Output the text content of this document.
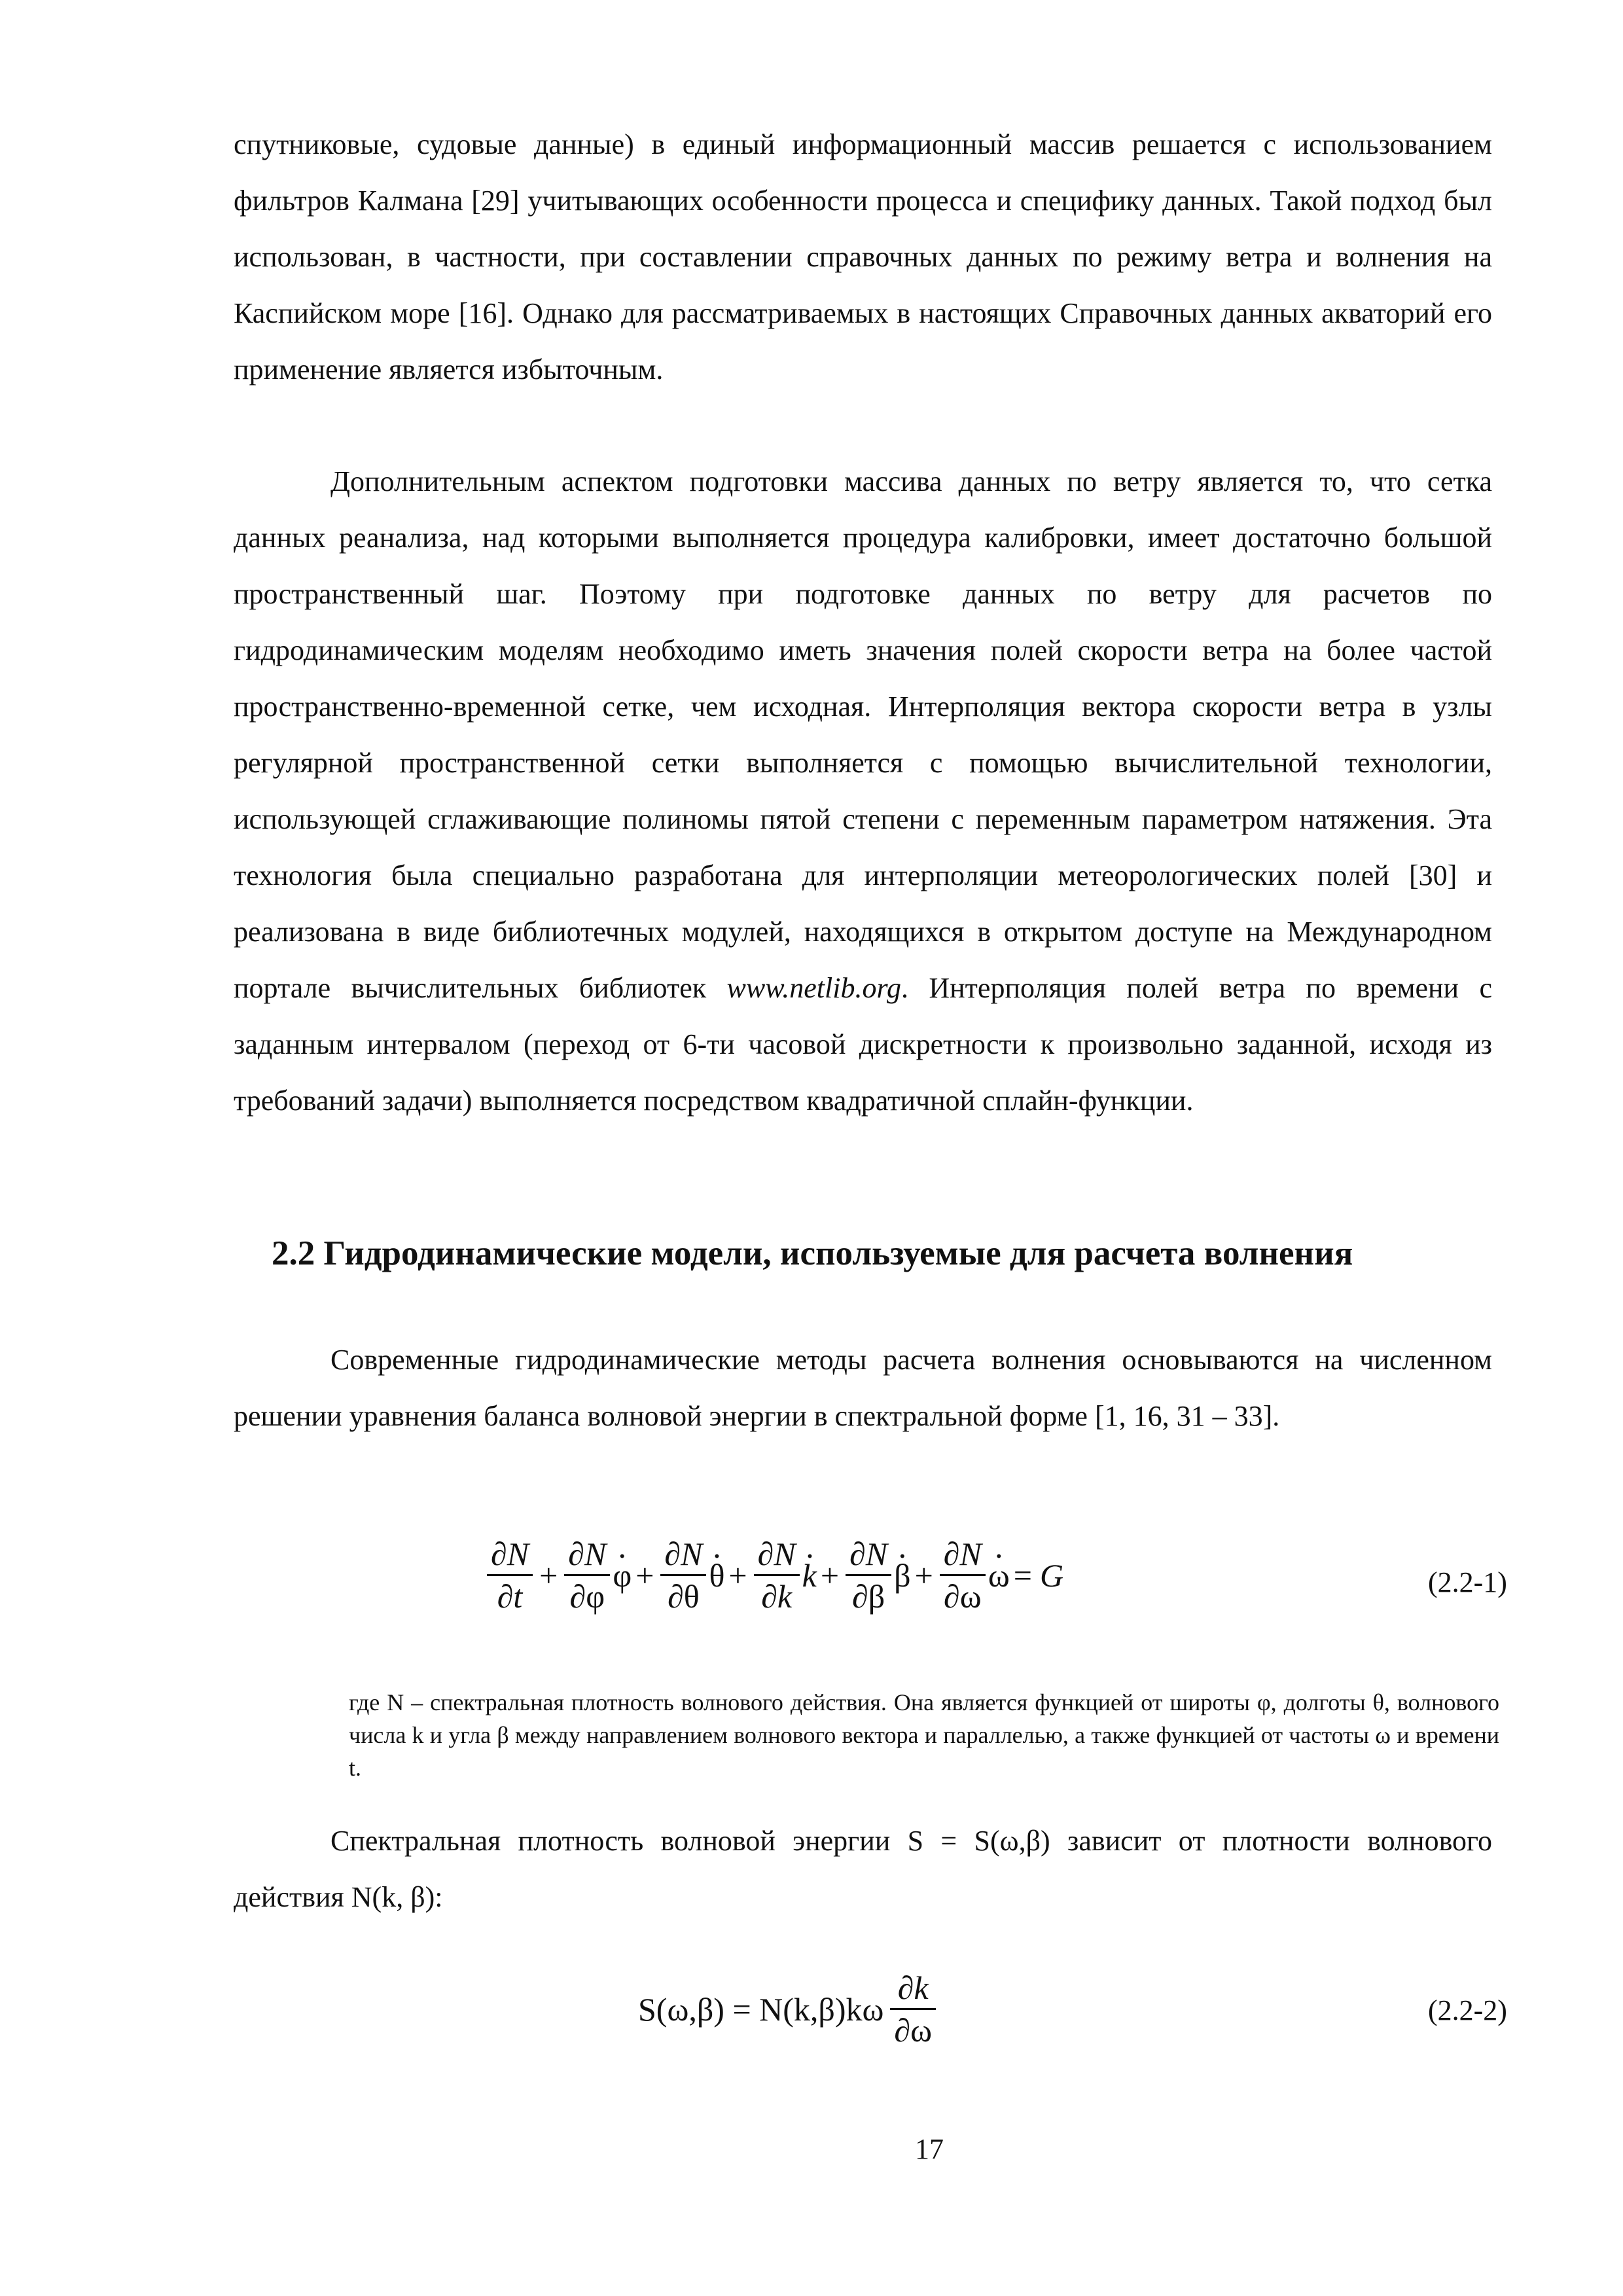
спутниковые, судовые данные) в единый информационный массив решается с использованием фильтров Калмана [29] учитывающих особенности процесса и специфику данных. Такой подход был использован, в частности, при составлении справочных данных по режиму ветра и волнения на Каспийском море [16]. Однако для рассматриваемых в настоящих Справочных данных акваторий его применение является избыточным.
Дополнительным аспектом подготовки массива данных по ветру является то, что сетка данных реанализа, над которыми выполняется процедура калибровки, имеет достаточно большой пространственный шаг. Поэтому при подготовке данных по ветру для расчетов по гидродинамическим моделям необходимо иметь значения полей скорости ветра на более частой пространственно-временной сетке, чем исходная. Интерполяция вектора скорости ветра в узлы регулярной пространственной сетки выполняется с помощью вычислительной технологии, использующей сглаживающие полиномы пятой степени с переменным параметром натяжения. Эта технология была специально разработана для интерполяции метеорологических полей [30] и реализована в виде библиотечных модулей, находящихся в открытом доступе на Международном портале вычислительных библиотек www.netlib.org. Интерполяция полей ветра по времени с заданным интервалом (переход от 6-ти часовой дискретности к произвольно заданной, исходя из требований задачи) выполняется посредством квадратичной сплайн-функции.
2.2 Гидродинамические модели, используемые для расчета волнения
Современные гидродинамические методы расчета волнения основываются на численном решении уравнения баланса волновой энергии в спектральной форме [1, 16, 31 – 33].
$\frac{\partial N}{\partial t} + \frac{\partial N}{\partial\varphi}$
· $\varphi + \frac{\partial N}{\partial\theta}$
· $\theta + \frac{\partial N}{\partial k}$
· $k + \frac{\partial N}{\partial\beta}$
· $\beta + \frac{\partial N}{\partial\omega}$
· ω = G	(2.2-1)
где N – спектральная плотность волнового действия. Она является функцией от широты φ, долготы θ, волнового числа k и угла β между направлением волнового вектора и параллелью, а также функцией от частоты ω и времени t.
Спектральная плотность волновой энергии S = S(ω,β) зависит от плотности волнового действия N(k, β):
$S(\omega,\beta) = N(k,\beta)k\omega \frac{\partial k}{\partial\omega}$	(2.2-2)
17
